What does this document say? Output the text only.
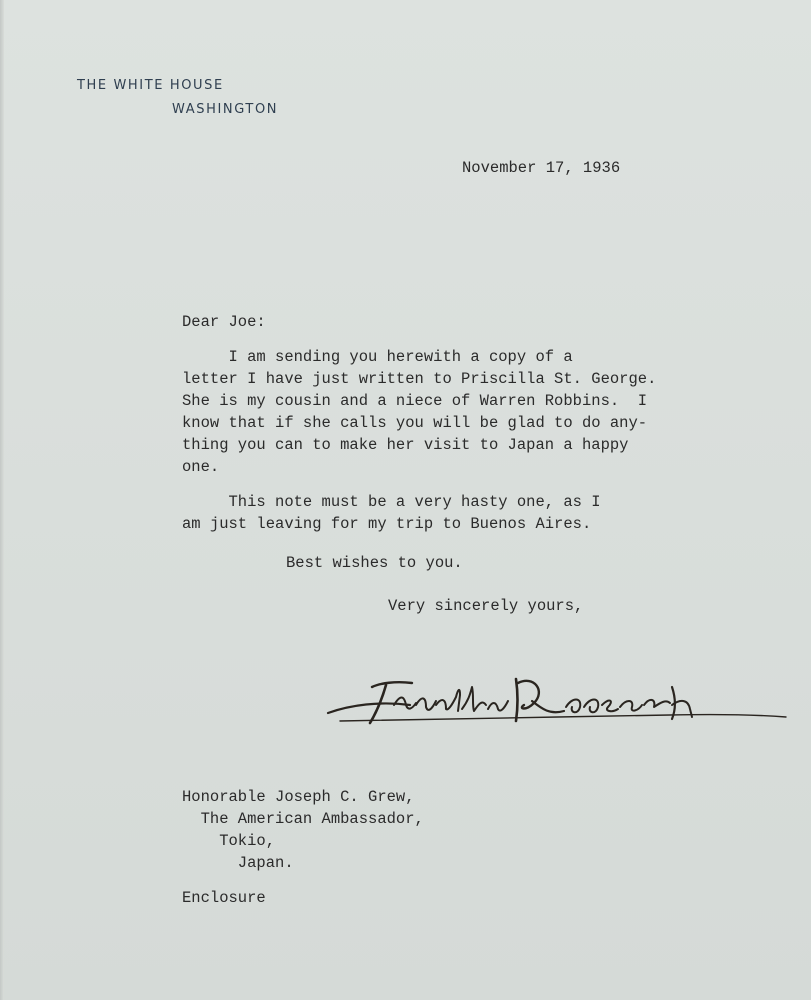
THE WHITE HOUSE
WASHINGTON
November 17, 1936
Dear Joe:
I am sending you herewith a copy of a
letter I have just written to Priscilla St. George.
She is my cousin and a niece of Warren Robbins.  I
know that if she calls you will be glad to do any-
thing you can to make her visit to Japan a happy
one.
This note must be a very hasty one, as I
am just leaving for my trip to Buenos Aires.
Best wishes to you.
Very sincerely yours,
Honorable Joseph C. Grew,
The American Ambassador,
Tokio,
Japan.
Enclosure
